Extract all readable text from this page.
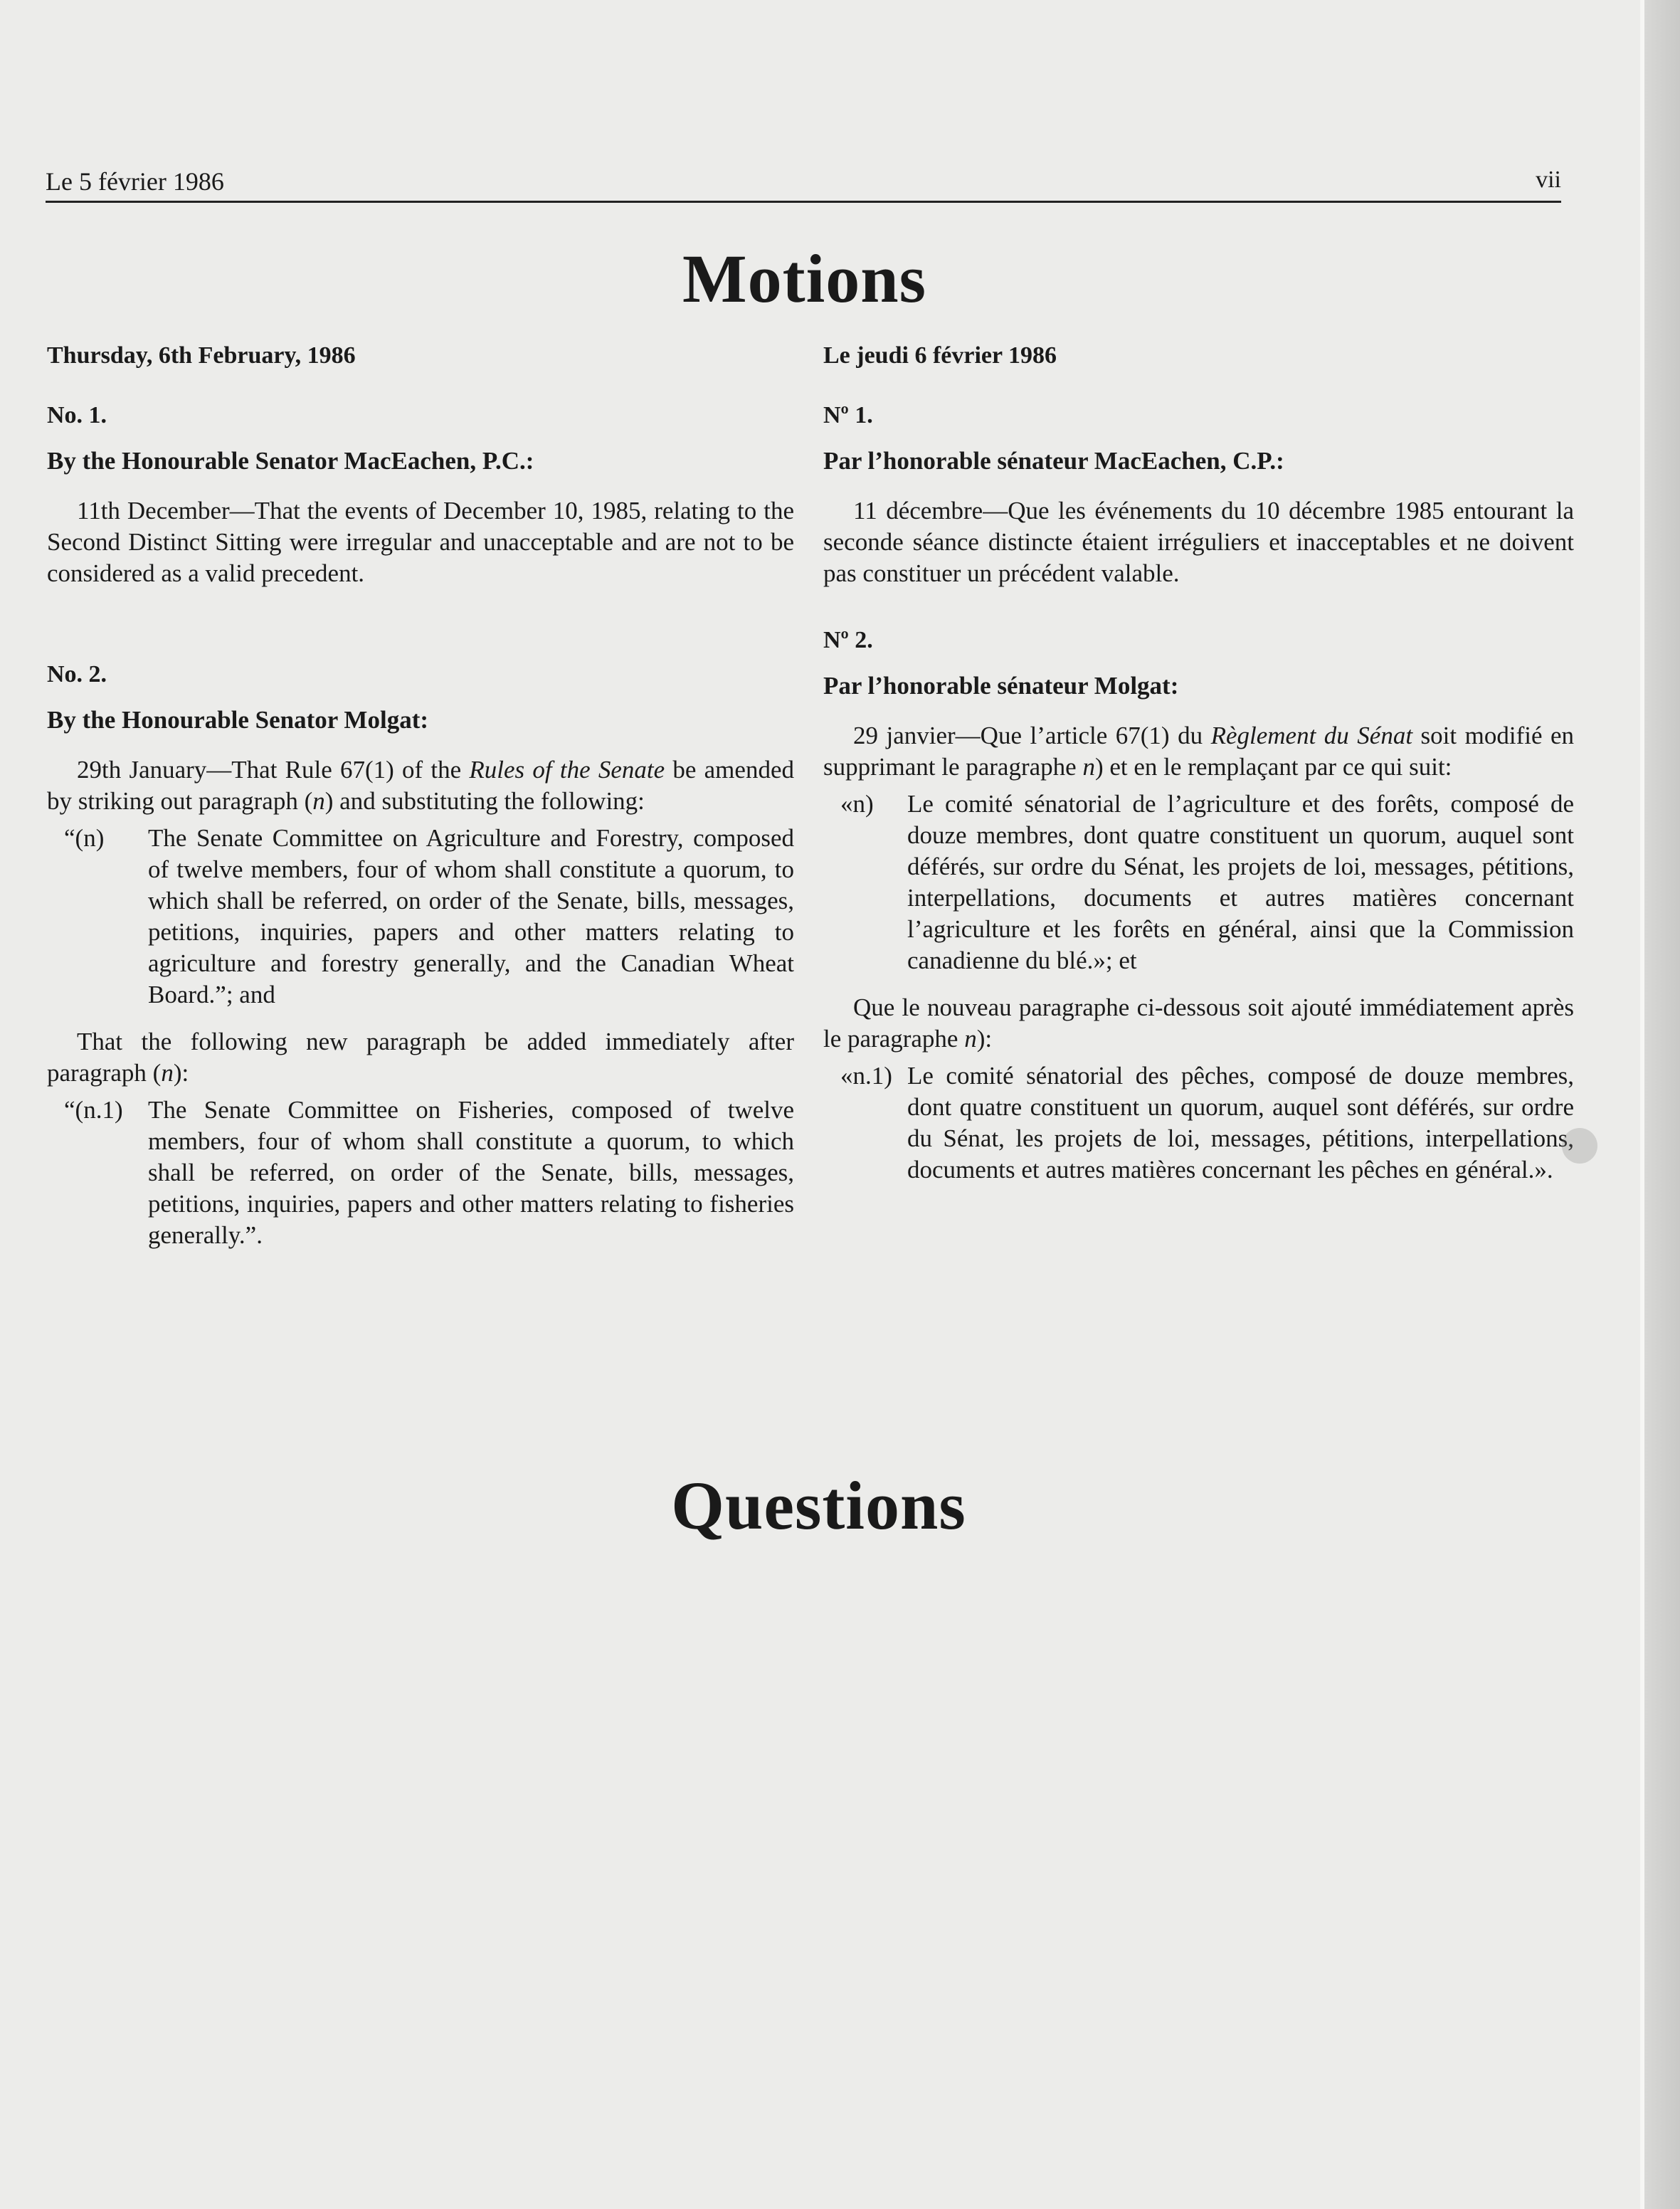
Le 5 février 1986	vii
Motions

Thursday, 6th February, 1986

No. 1.

By the Honourable Senator MacEachen, P.C.:

11th December—That the events of December 10, 1985, relating to the Second Distinct Sitting were irregular and unacceptable and are not to be considered as a valid precedent.

No. 2.

By the Honourable Senator Molgat:

29th January—That Rule 67(1) of the Rules of the Senate be amended by striking out paragraph (n) and substituting the following:

“(n)	The Senate Committee on Agriculture and Forestry, composed of twelve members, four of whom shall constitute a quorum, to which shall be referred, on order of the Senate, bills, messages, petitions, inquiries, papers and other matters relating to agriculture and forestry generally, and the Canadian Wheat Board.”; and

That the following new paragraph be added immediately after paragraph (n):

“(n.1)	The Senate Committee on Fisheries, composed of twelve members, four of whom shall constitute a quorum, to which shall be referred, on order of the Senate, bills, messages, petitions, inquiries, papers and other matters relating to fisheries generally.”.

Le jeudi 6 février 1986

Nº 1.

Par l’honorable sénateur MacEachen, C.P.:

11 décembre—Que les événements du 10 décembre 1985 entourant la seconde séance distincte étaient irréguliers et inacceptables et ne doivent pas constituer un précédent valable.

Nº 2.

Par l’honorable sénateur Molgat:

29 janvier—Que l’article 67(1) du Règlement du Sénat soit modifié en supprimant le paragraphe n) et en le remplaçant par ce qui suit:

«n)	Le comité sénatorial de l’agriculture et des forêts, composé de douze membres, dont quatre constituent un quorum, auquel sont déférés, sur ordre du Sénat, les projets de loi, messages, pétitions, interpellations, documents et autres matières concernant l’agriculture et les forêts en général, ainsi que la Commission canadienne du blé.»; et

Que le nouveau paragraphe ci-dessous soit ajouté immédiatement après le paragraphe n):

«n.1) Le comité sénatorial des pêches, composé de douze membres, dont quatre constituent un quorum, auquel sont déférés, sur ordre du Sénat, les projets de loi, messages, pétitions, interpellations, documents et autres matières concernant les pêches en général.».
Questions
